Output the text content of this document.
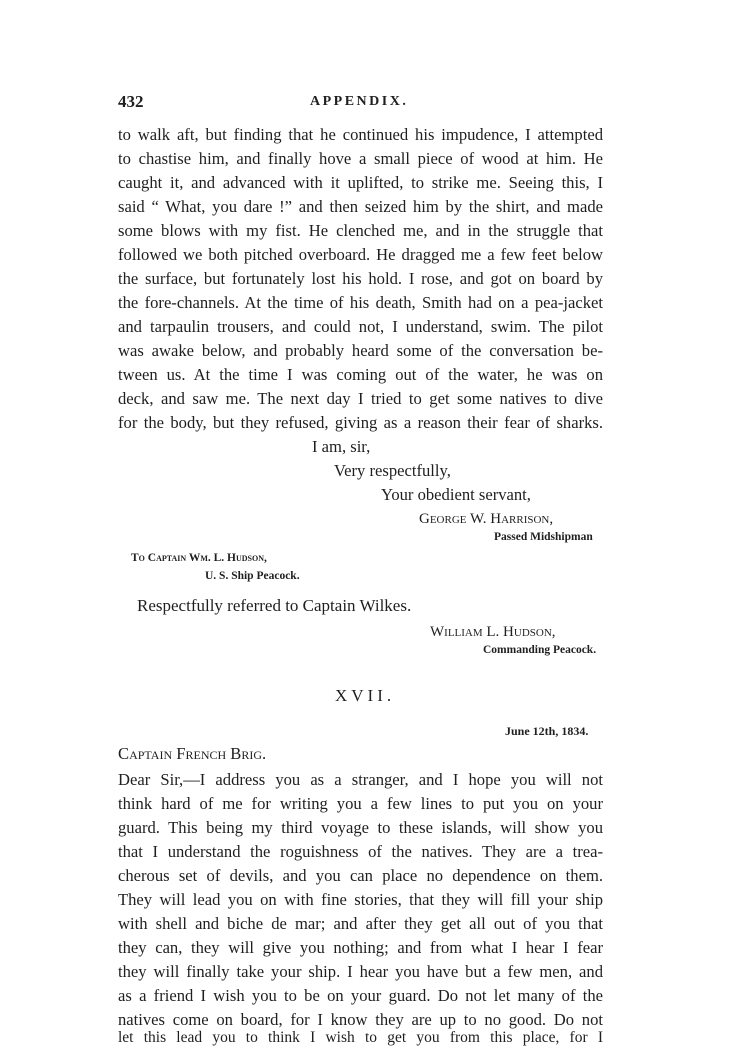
432	APPENDIX.
to walk aft, but finding that he continued his impudence, I attempted
to chastise him, and finally hove a small piece of wood at him. He
caught it, and advanced with it uplifted, to strike me. Seeing this, I
said “ What, you dare !” and then seized him by the shirt, and made
some blows with my fist. He clenched me, and in the struggle that
followed we both pitched overboard. He dragged me a few feet below
the surface, but fortunately lost his hold. I rose, and got on board by
the fore-channels. At the time of his death, Smith had on a pea-jacket
and tarpaulin trousers, and could not, I understand, swim. The pilot
was awake below, and probably heard some of the conversation be-
tween us. At the time I was coming out of the water, he was on
deck, and saw me. The next day I tried to get some natives to dive
for the body, but they refused, giving as a reason their fear of sharks.
I am, sir,
Very respectfully,
Your obedient servant,
George W. Harrison,
Passed Midshipman
To Captain Wm. L. Hudson,
U. S. Ship Peacock.
Respectfully referred to Captain Wilkes.
William L. Hudson,
Commanding Peacock.
XVII.
June 12th, 1834.
Captain French Brig.
Dear Sir,—I address you as a stranger, and I hope you will not
think hard of me for writing you a few lines to put you on your
guard. This being my third voyage to these islands, will show you
that I understand the roguishness of the natives. They are a trea-
cherous set of devils, and you can place no dependence on them.
They will lead you on with fine stories, that they will fill your ship
with shell and biche de mar; and after they get all out of you that
they can, they will give you nothing; and from what I hear I fear
they will finally take your ship. I hear you have but a few men, and
as a friend I wish you to be on your guard. Do not let many of the
natives come on board, for I know they are up to no good. Do not
let this lead you to think I wish to get you from this place, for I
